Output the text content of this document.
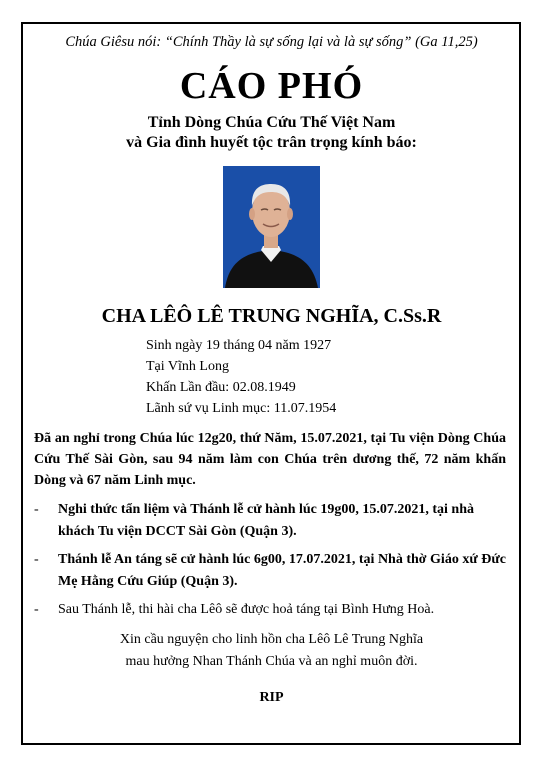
Chúa Giêsu nói: “Chính Thầy là sự sống lại và là sự sống” (Ga 11,25)
CÁO PHÓ
Tỉnh Dòng Chúa Cứu Thế Việt Nam
và Gia đình huyết tộc trân trọng kính báo:
CHA LÊÔ LÊ TRUNG NGHĨA, C.Ss.R
Sinh ngày 19 tháng 04 năm 1927
Tại Vĩnh Long
Khấn Lần đầu: 02.08.1949
Lãnh sứ vụ Linh mục: 11.07.1954
Đã an nghỉ trong Chúa lúc 12g20, thứ Năm, 15.07.2021, tại Tu viện Dòng Chúa Cứu Thế Sài Gòn, sau 94 năm làm con Chúa trên dương thế, 72 năm khấn Dòng và 67 năm Linh mục.
- Nghi thức tẩn liệm và Thánh lễ cử hành lúc 19g00, 15.07.2021, tại nhà khách Tu viện DCCT Sài Gòn (Quận 3).
- Thánh lễ An táng sẽ cử hành lúc 6g00, 17.07.2021, tại Nhà thờ Giáo xứ Đức Mẹ Hằng Cứu Giúp (Quận 3).
- Sau Thánh lễ, thi hài cha Lêô sẽ được hoả táng tại Bình Hưng Hoà.
Xin cầu nguyện cho linh hồn cha Lêô Lê Trung Nghĩa
mau hưởng Nhan Thánh Chúa và an nghỉ muôn đời.
RIP
